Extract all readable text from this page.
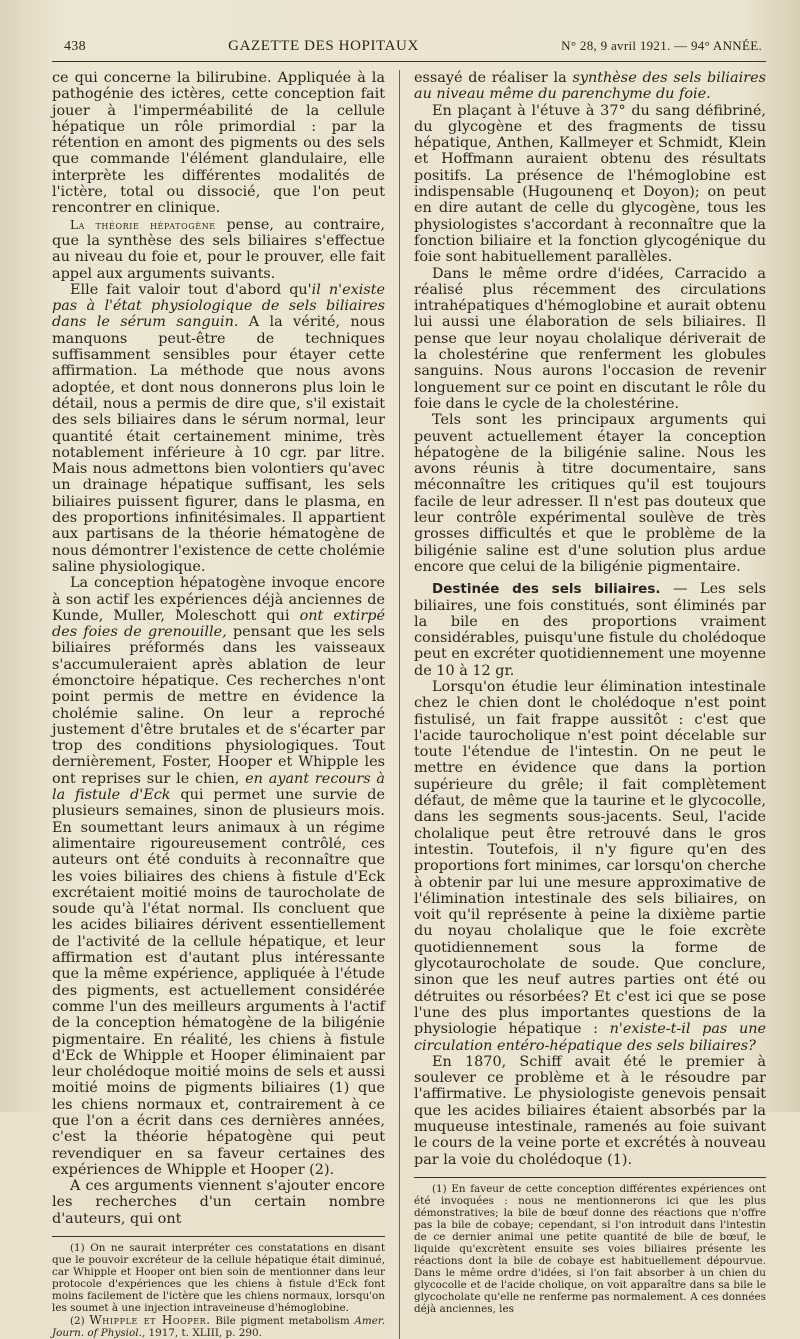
438	GAZETTE DES HOPITAUX	N° 28, 9 avril 1921. — 94° ANNÉE.

ce qui concerne la bilirubine. Appliquée à la pathogénie des ictères, cette conception fait jouer à l'imperméabilité de la cellule hépatique un rôle primordial : par la rétention en amont des pigments ou des sels que commande l'élément glandulaire, elle interprète les différentes modalités de l'ictère, total ou dissocié, que l'on peut rencontrer en clinique.

La théorie hépatogène pense, au contraire, que la synthèse des sels biliaires s'effectue au niveau du foie et, pour le prouver, elle fait appel aux arguments suivants.

Elle fait valoir tout d'abord qu'il n'existe pas à l'état physiologique de sels biliaires dans le sérum sanguin. A la vérité, nous manquons peut-être de techniques suffisamment sensibles pour étayer cette affirmation. La méthode que nous avons adoptée, et dont nous donnerons plus loin le détail, nous a permis de dire que, s'il existait des sels biliaires dans le sérum normal, leur quantité était certainement minime, très notablement inférieure à 10 cgr. par litre. Mais nous admettons bien volontiers qu'avec un drainage hépatique suffisant, les sels biliaires puissent figurer, dans le plasma, en des proportions infinitésimales. Il appartient aux partisans de la théorie hématogène de nous démontrer l'existence de cette cholémie saline physiologique.

La conception hépatogène invoque encore à son actif les expériences déjà anciennes de Kunde, Muller, Moleschott qui ont extirpé des foies de grenouille, pensant que les sels biliaires préformés dans les vaisseaux s'accumuleraient après ablation de leur émonctoire hépatique. Ces recherches n'ont point permis de mettre en évidence la cholémie saline. On leur a reproché justement d'être brutales et de s'écarter par trop des conditions physiologiques. Tout dernièrement, Foster, Hooper et Whipple les ont reprises sur le chien, en ayant recours à la fistule d'Eck qui permet une survie de plusieurs semaines, sinon de plusieurs mois. En soumettant leurs animaux à un régime alimentaire rigoureusement contrôlé, ces auteurs ont été conduits à reconnaître que les voies biliaires des chiens à fistule d'Eck excrétaient moitié moins de taurocholate de soude qu'à l'état normal. Ils concluent que les acides biliaires dérivent essentiellement de l'activité de la cellule hépatique, et leur affirmation est d'autant plus intéressante que la même expérience, appliquée à l'étude des pigments, est actuellement considérée comme l'un des meilleurs arguments à l'actif de la conception hématogène de la biligénie pigmentaire. En réalité, les chiens à fistule d'Eck de Whipple et Hooper éliminaient par leur cholédoque moitié moins de sels et aussi moitié moins de pigments biliaires (1) que les chiens normaux et, contrairement à ce que l'on a écrit dans ces dernières années, c'est la théorie hépatogène qui peut revendiquer en sa faveur certaines des expériences de Whipple et Hooper (2).

A ces arguments viennent s'ajouter encore les recherches d'un certain nombre d'auteurs, qui ont

(1) On ne saurait interpréter ces constatations en disant que le pouvoir excréteur de la cellule hépatique était diminué, car Whipple et Hooper ont bien soin de mentionner dans leur protocole d'expériences que les chiens à fistule d'Eck font moins facilement de l'ictère que les chiens normaux, lorsqu'on les soumet à une injection intraveineuse d'hémoglobine.

(2) Whipple et Hooper. Bile pigment metabolism Amer. Journ. of Physiol., 1917, t. XLIII, p. 290.

essayé de réaliser la synthèse des sels biliaires au niveau même du parenchyme du foie.

En plaçant à l'étuve à 37° du sang défibriné, du glycogène et des fragments de tissu hépatique, Anthen, Kallmeyer et Schmidt, Klein et Hoffmann auraient obtenu des résultats positifs. La présence de l'hémoglobine est indispensable (Hugounenq et Doyon); on peut en dire autant de celle du glycogène, tous les physiologistes s'accordant à reconnaître que la fonction biliaire et la fonction glycogénique du foie sont habituellement parallèles.

Dans le même ordre d'idées, Carracido a réalisé plus récemment des circulations intrahépatiques d'hémoglobine et aurait obtenu lui aussi une élaboration de sels biliaires. Il pense que leur noyau cholalique dériverait de la cholestérine que renferment les globules sanguins. Nous aurons l'occasion de revenir longuement sur ce point en discutant le rôle du foie dans le cycle de la cholestérine.

Tels sont les principaux arguments qui peuvent actuellement étayer la conception hépatogène de la biligénie saline. Nous les avons réunis à titre documentaire, sans méconnaître les critiques qu'il est toujours facile de leur adresser. Il n'est pas douteux que leur contrôle expérimental soulève de très grosses difficultés et que le problème de la biligénie saline est d'une solution plus ardue encore que celui de la biligénie pigmentaire.

Destinée des sels biliaires. — Les sels biliaires, une fois constitués, sont éliminés par la bile en des proportions vraiment considérables, puisqu'une fistule du cholédoque peut en excréter quotidiennement une moyenne de 10 à 12 gr.

Lorsqu'on étudie leur élimination intestinale chez le chien dont le cholédoque n'est point fistulisé, un fait frappe aussitôt : c'est que l'acide taurocholique n'est point décelable sur toute l'étendue de l'intestin. On ne peut le mettre en évidence que dans la portion supérieure du grêle; il fait complètement défaut, de même que la taurine et le glycocolle, dans les segments sous-jacents. Seul, l'acide cholalique peut être retrouvé dans le gros intestin. Toutefois, il n'y figure qu'en des proportions fort minimes, car lorsqu'on cherche à obtenir par lui une mesure approximative de l'élimination intestinale des sels biliaires, on voit qu'il représente à peine la dixième partie du noyau cholalique que le foie excrète quotidiennement sous la forme de glycotaurocholate de soude. Que conclure, sinon que les neuf autres parties ont été ou détruites ou résorbées? Et c'est ici que se pose l'une des plus importantes questions de la physiologie hépatique : n'existe-t-il pas une circulation entéro-hépatique des sels biliaires?

En 1870, Schiff avait été le premier à soulever ce problème et à le résoudre par l'affirmative. Le physiologiste genevois pensait que les acides biliaires étaient absorbés par la muqueuse intestinale, ramenés au foie suivant le cours de la veine porte et excrétés à nouveau par la voie du cholédoque (1).

(1) En faveur de cette conception différentes expériences ont été invoquées : nous ne mentionnerons ici que les plus démonstratives; la bile de bœuf donne des réactions que n'offre pas la bile de cobaye; cependant, si l'on introduit dans l'intestin de ce dernier animal une petite quantité de bile de bœuf, le liquide qu'excrètent ensuite ses voies biliaires présente les réactions dont la bile de cobaye est habituellement dépourvue. Dans le même ordre d'idées, si l'on fait absorber à un chien du glycocolle et de l'acide cholique, on voit apparaître dans sa bile le glycocholate qu'elle ne renferme pas normalement. A ces données déjà anciennes, les
